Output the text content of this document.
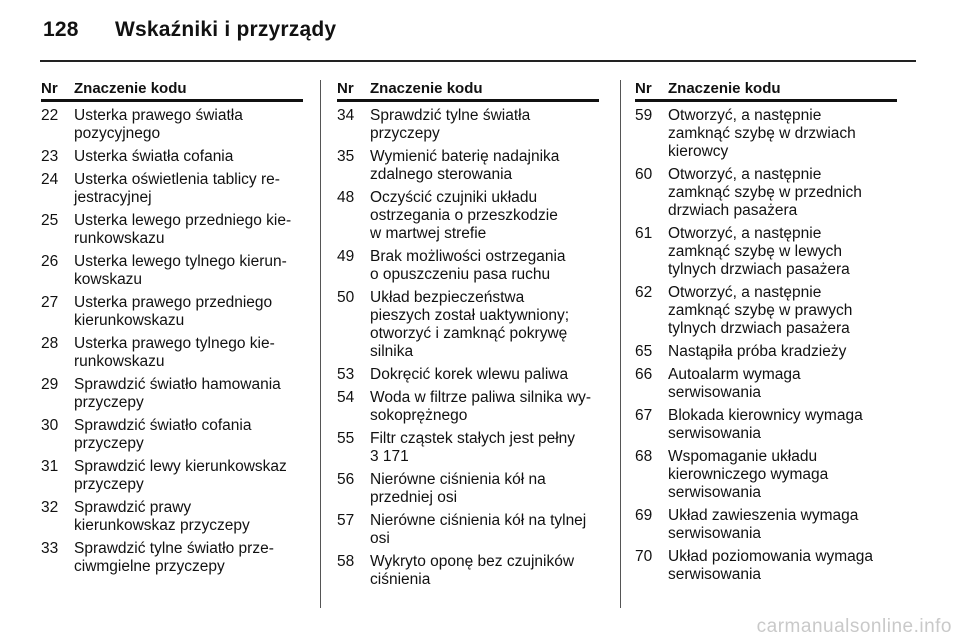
128 Wskaźniki i przyrządy
Nr	Znaczenie kodu
22	Usterka prawego światła
pozycyjnego
23	Usterka światła cofania
24	Usterka oświetlenia tablicy re-
jestracyjnej
25	Usterka lewego przedniego kie-
runkowskazu
26	Usterka lewego tylnego kierun-
kowskazu
27	Usterka prawego przedniego
kierunkowskazu
28	Usterka prawego tylnego kie-
runkowskazu
29	Sprawdzić światło hamowania
przyczepy
30	Sprawdzić światło cofania
przyczepy
31	Sprawdzić lewy kierunkowskaz
przyczepy
32	Sprawdzić prawy
kierunkowskaz przyczepy
33	Sprawdzić tylne światło prze-
ciwmgielne przyczepy
Nr	Znaczenie kodu
34	Sprawdzić tylne światła
przyczepy
35	Wymienić baterię nadajnika
zdalnego sterowania
48	Oczyścić czujniki układu
ostrzegania o przeszkodzie
w martwej strefie
49	Brak możliwości ostrzegania
o opuszczeniu pasa ruchu
50	Układ bezpieczeństwa
pieszych został uaktywniony;
otworzyć i zamknąć pokrywę
silnika
53	Dokręcić korek wlewu paliwa
54	Woda w filtrze paliwa silnika wy-
sokoprężnego
55	Filtr cząstek stałych jest pełny
3 171
56	Nierówne ciśnienia kół na
przedniej osi
57	Nierówne ciśnienia kół na tylnej
osi
58	Wykryto oponę bez czujników
ciśnienia
Nr	Znaczenie kodu
59	Otworzyć, a następnie
zamknąć szybę w drzwiach
kierowcy
60	Otworzyć, a następnie
zamknąć szybę w przednich
drzwiach pasażera
61	Otworzyć, a następnie
zamknąć szybę w lewych
tylnych drzwiach pasażera
62	Otworzyć, a następnie
zamknąć szybę w prawych
tylnych drzwiach pasażera
65	Nastąpiła próba kradzieży
66	Autoalarm wymaga
serwisowania
67	Blokada kierownicy wymaga
serwisowania
68	Wspomaganie układu
kierowniczego wymaga
serwisowania
69	Układ zawieszenia wymaga
serwisowania
70	Układ poziomowania wymaga
serwisowania
carmanualsonline.info
